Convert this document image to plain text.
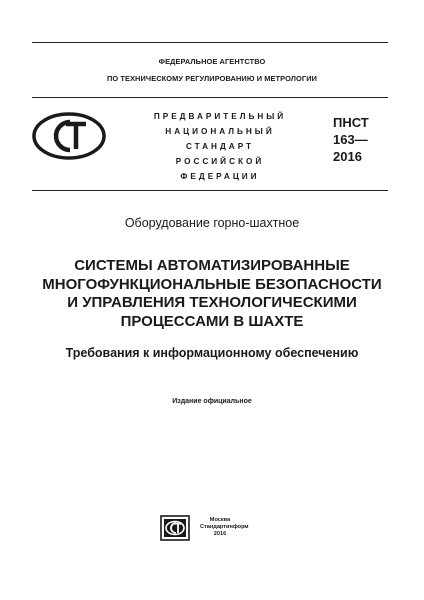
ФЕДЕРАЛЬНОЕ АГЕНТСТВО
ПО ТЕХНИЧЕСКОМУ РЕГУЛИРОВАНИЮ И МЕТРОЛОГИИ
ПРЕДВАРИТЕЛЬНЫЙ
НАЦИОНАЛЬНЫЙ
СТАНДАРТ
РОССИЙСКОЙ
ФЕДЕРАЦИИ
ПНСТ
163—
2016
Оборудование горно-шахтное
СИСТЕМЫ АВТОМАТИЗИРОВАННЫЕ
МНОГОФУНКЦИОНАЛЬНЫЕ БЕЗОПАСНОСТИ
И УПРАВЛЕНИЯ ТЕХНОЛОГИЧЕСКИМИ
ПРОЦЕССАМИ В ШАХТЕ
Требования к информационному обеспечению
Издание официальное
Москва
Стандартинформ
2016
